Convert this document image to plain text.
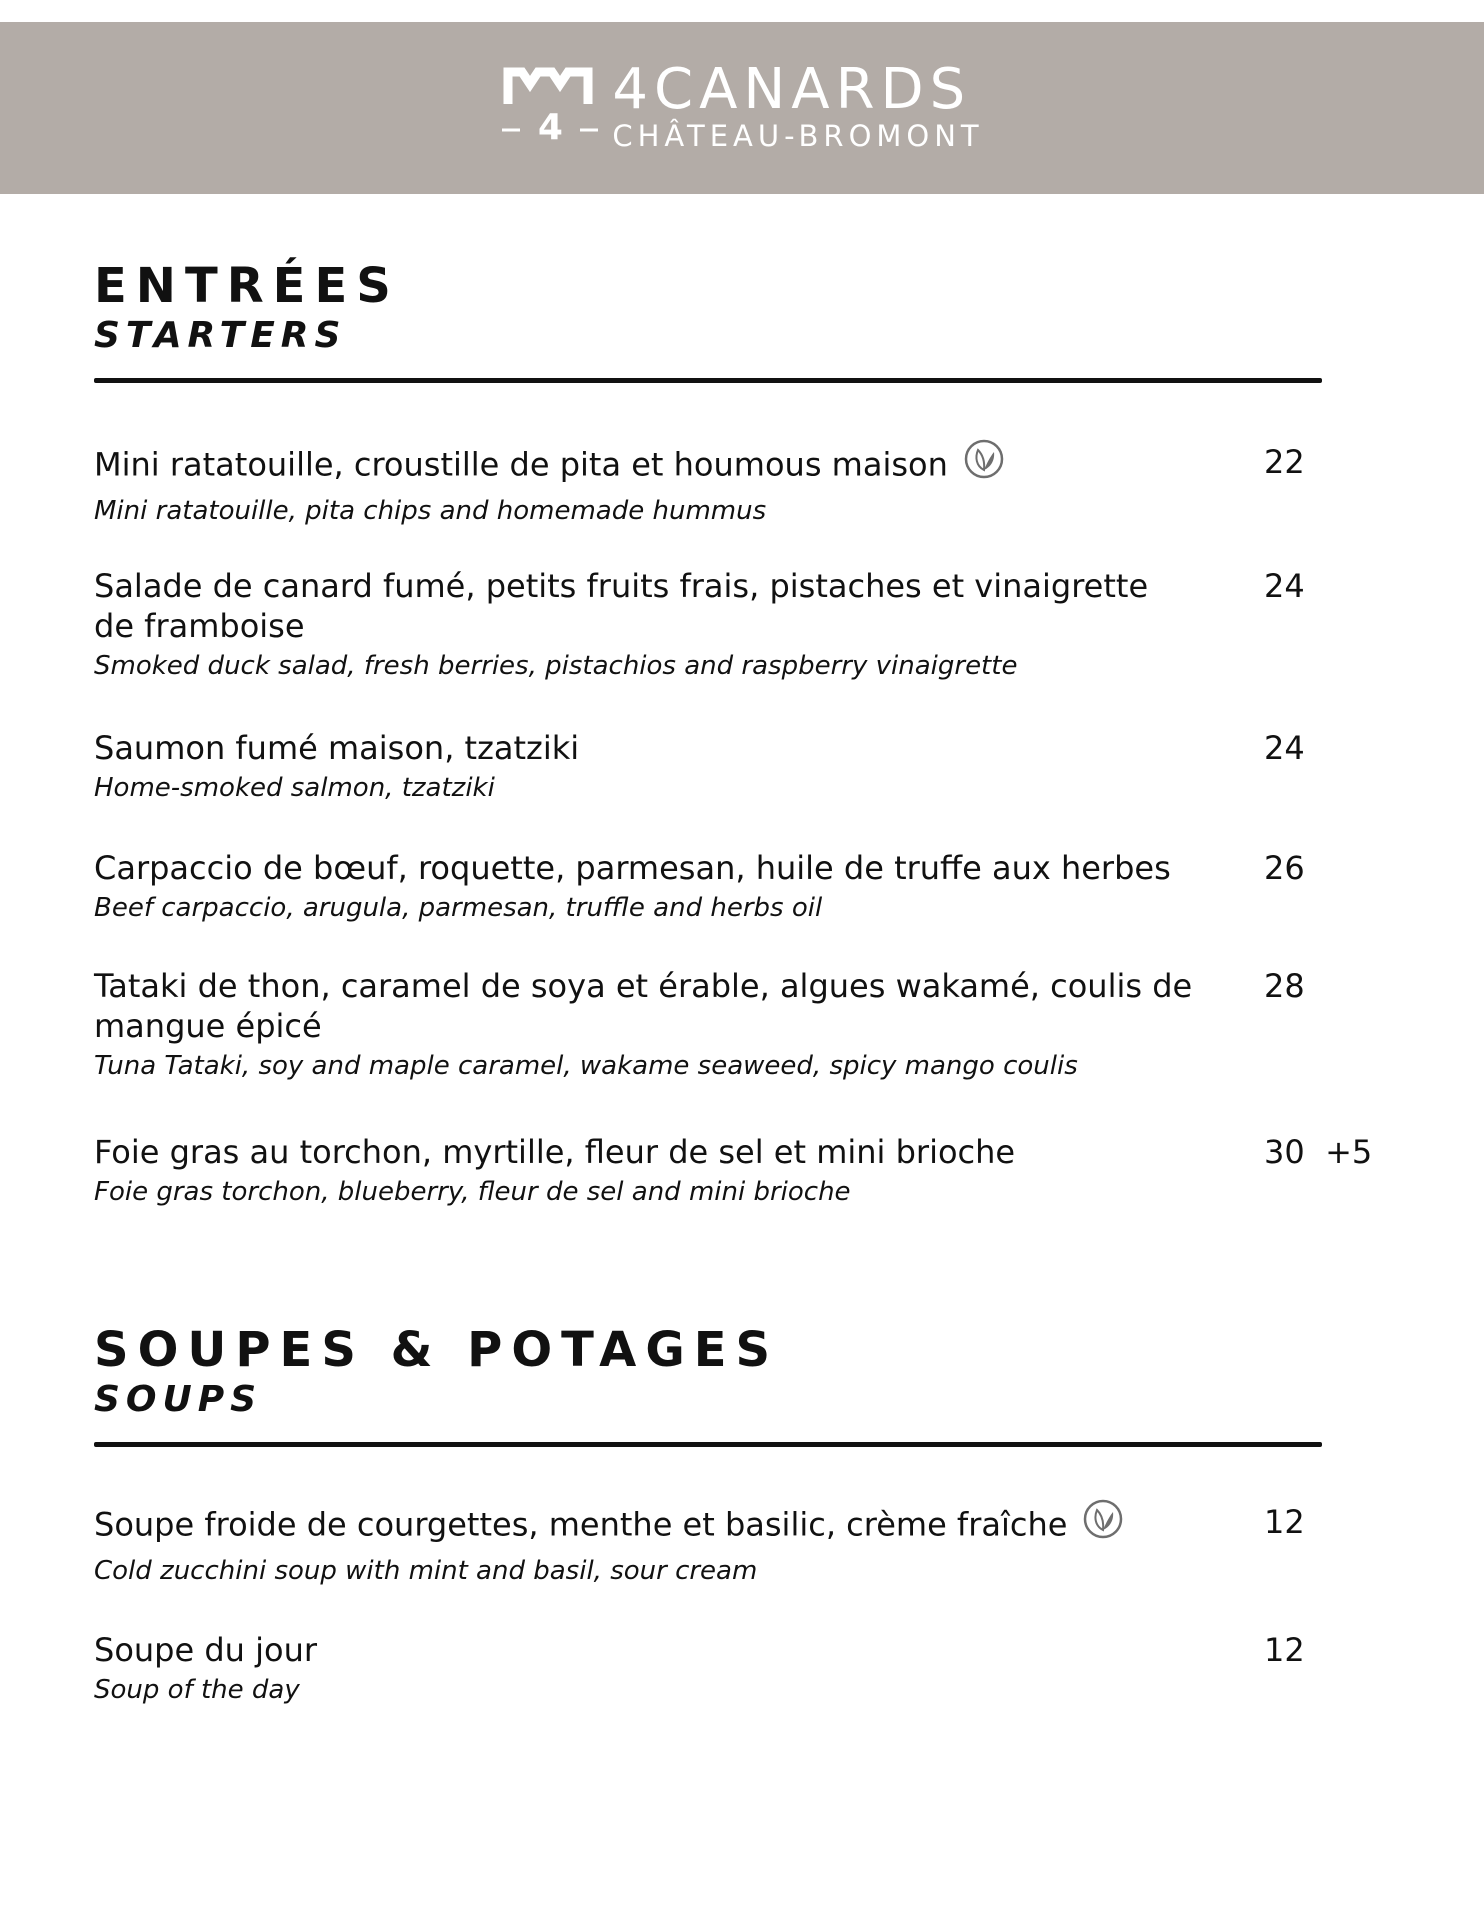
4
4CANARDS
CHÂTEAU-BROMONT
ENTRÉES
STARTERS
Mini ratatouille, croustille de pita et houmous maison
Mini ratatouille, pita chips and homemade hummus
22
Salade de canard fumé, petits fruits frais, pistaches et vinaigrette de framboise
Smoked duck salad, fresh berries, pistachios and raspberry vinaigrette
24
Saumon fumé maison, tzatziki
Home-smoked salmon, tzatziki
24
Carpaccio de bœuf, roquette, parmesan, huile de truffe aux herbes
Beef carpaccio, arugula, parmesan, truffle and herbs oil
26
Tataki de thon, caramel de soya et érable, algues wakamé, coulis de mangue épicé
Tuna Tataki, soy and maple caramel, wakame seaweed, spicy mango coulis
28
Foie gras au torchon, myrtille, fleur de sel et mini brioche
Foie gras torchon, blueberry, fleur de sel and mini brioche
30  +5
SOUPES & POTAGES
SOUPS
Soupe froide de courgettes, menthe et basilic, crème fraîche
Cold zucchini soup with mint and basil, sour cream
12
Soupe du jour
Soup of the day
12
